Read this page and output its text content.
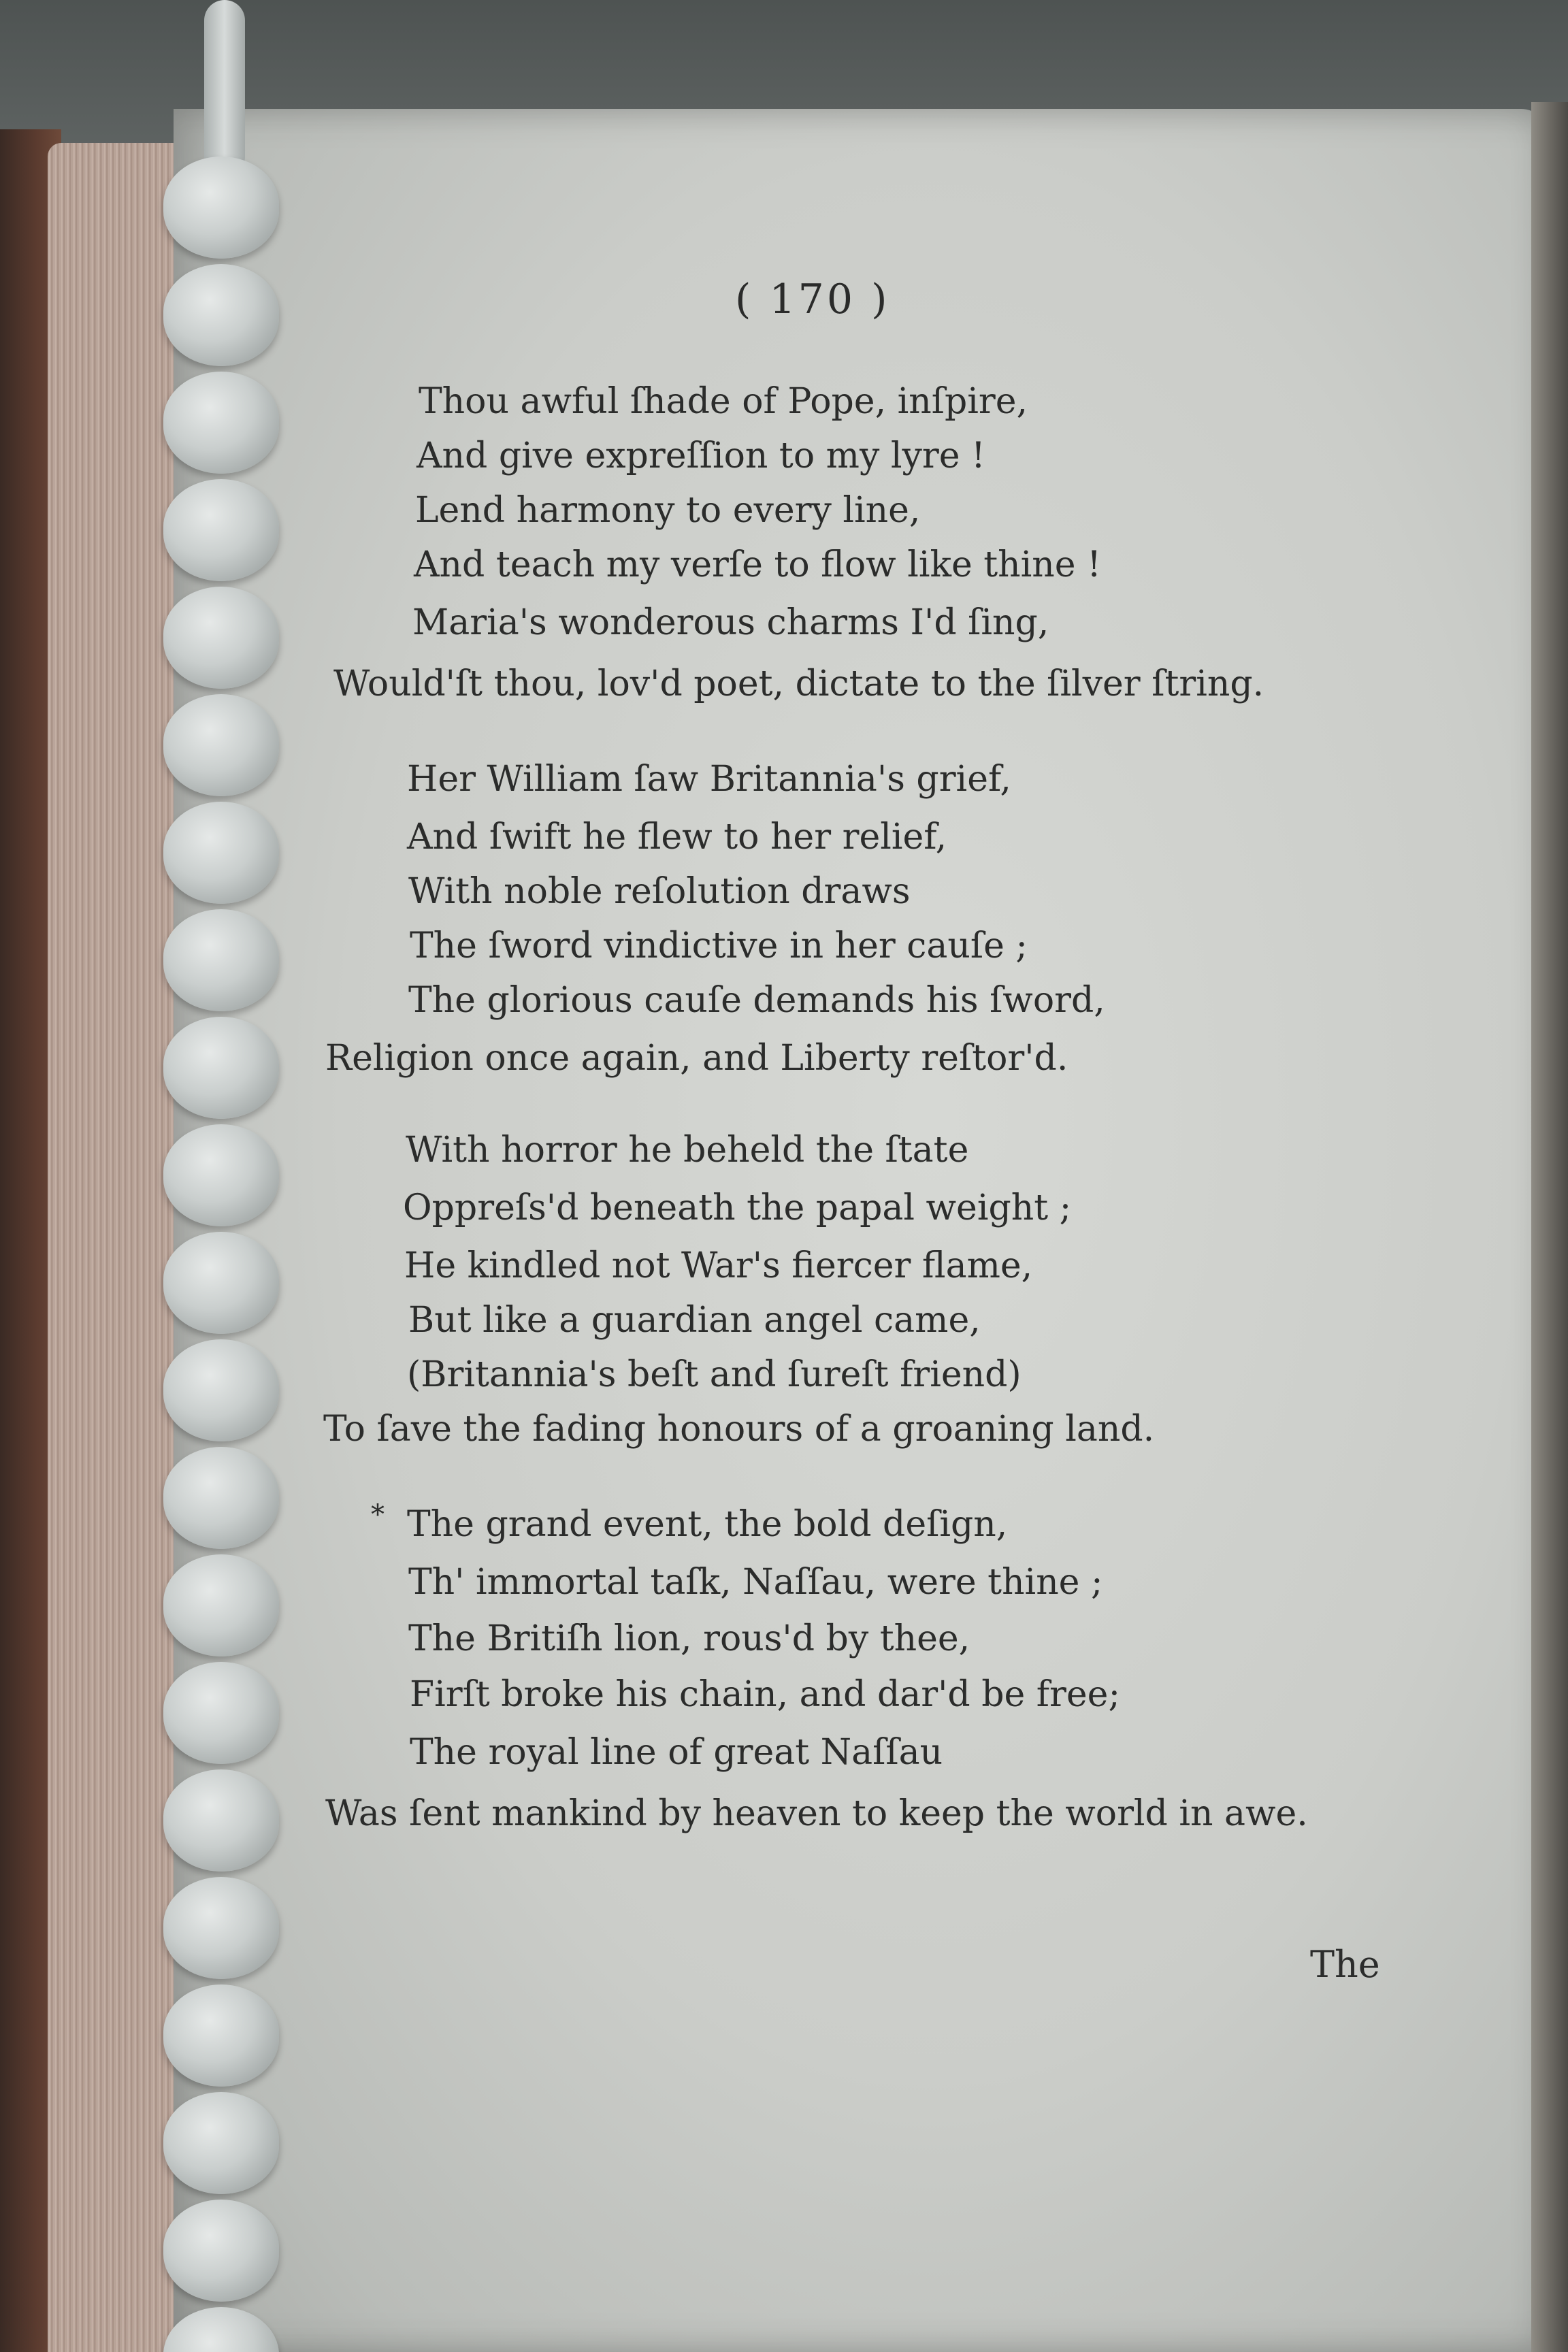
( 170 )
Thou awful ſhade of Pope, inſpire,
And give expreſſion to my lyre !
Lend harmony to every line,
And teach my verſe to flow like thine !
Maria's wonderous charms I'd ſing,
Would'ſt thou, lov'd poet, dictate to the ſilver ſtring.
Her William ſaw Britannia's grief,
And ſwift he flew to her relief,
With noble reſolution draws
The ſword vindictive in her cauſe ;
The glorious cauſe demands his ſword,
Religion once again, and Liberty reſtor'd.
With horror he beheld the ſtate
Oppreſs'd beneath the papal weight ;
He kindled not War's fiercer flame,
But like a guardian angel came,
(Britannia's beſt and ſureſt friend)
To ſave the fading honours of a groaning land.
* The grand event, the bold deſign,
Th' immortal taſk, Naſſau, were thine ;
The Britiſh lion, rous'd by thee,
Firſt broke his chain, and dar'd be free;
The royal line of great Naſſau
Was ſent mankind by heaven to keep the world in awe.
The
